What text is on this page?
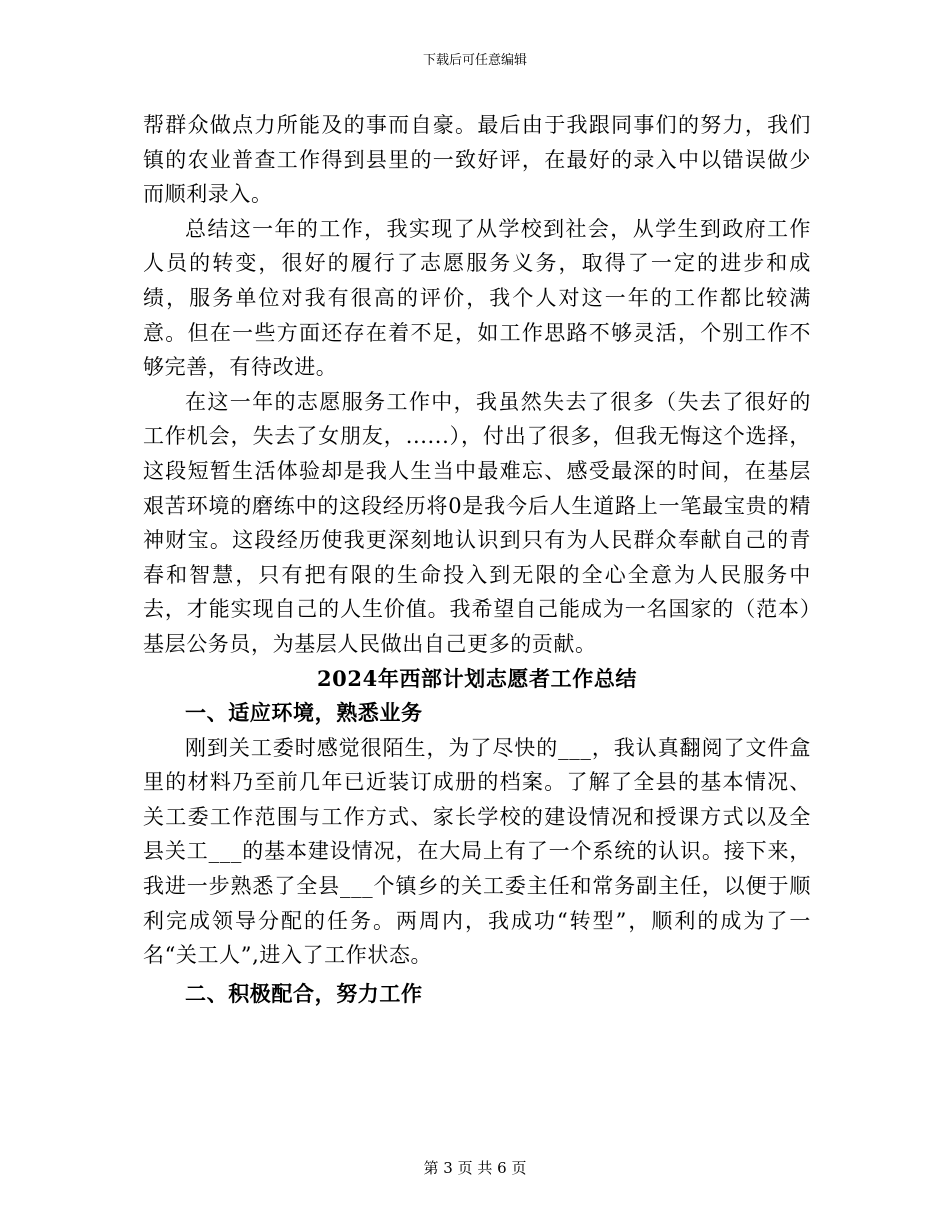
下载后可任意编辑

帮群众做点力所能及的事而自豪。最后由于我跟同事们的努力，我们镇的农业普查工作得到县里的一致好评，在最好的录入中以错误做少而顺利录入。

总结这一年的工作，我实现了从学校到社会，从学生到政府工作人员的转变，很好的履行了志愿服务义务，取得了一定的进步和成绩，服务单位对我有很高的评价，我个人对这一年的工作都比较满意。但在一些方面还存在着不足，如工作思路不够灵活，个别工作不够完善，有待改进。

在这一年的志愿服务工作中，我虽然失去了很多（失去了很好的工作机会，失去了女朋友，......），付出了很多，但我无悔这个选择，这段短暂生活体验却是我人生当中最难忘、感受最深的时间，在基层艰苦环境的磨练中的这段经历将0是我今后人生道路上一笔最宝贵的精神财宝。这段经历使我更深刻地认识到只有为人民群众奉献自己的青春和智慧，只有把有限的生命投入到无限的全心全意为人民服务中去，才能实现自己的人生价值。我希望自己能成为一名国家的（范本）基层公务员，为基层人民做出自己更多的贡献。

2024年西部计划志愿者工作总结
一、适应环境，熟悉业务

刚到关工委时感觉很陌生，为了尽快的___，我认真翻阅了文件盒里的材料乃至前几年已近装订成册的档案。了解了全县的基本情况、关工委工作范围与工作方式、家长学校的建设情况和授课方式以及全县关工___的基本建设情况，在大局上有了一个系统的认识。接下来，我进一步熟悉了全县___个镇乡的关工委主任和常务副主任，以便于顺利完成领导分配的任务。两周内，我成功“转型”，顺利的成为了一名“关工人”,进入了工作状态。

二、积极配合，努力工作
第 3 页 共 6 页
